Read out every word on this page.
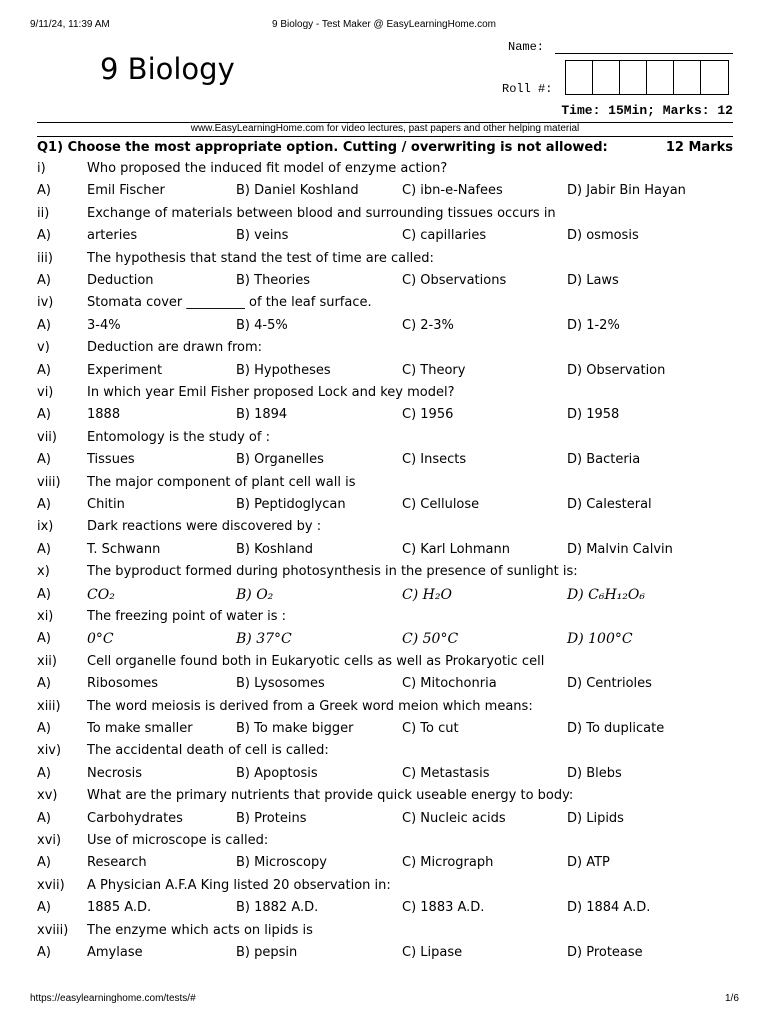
9/11/24, 11:39 AM	9 Biology - Test Maker @ EasyLearningHome.com
9 Biology
Name:
Roll #:
Time: 15Min; Marks: 12
www.EasyLearningHome.com for video lectures, past papers and other helping material
Q1) Choose the most appropriate option. Cutting / overwriting is not allowed:	12 Marks
i)	Who proposed the induced fit model of enzyme action?
A)	Emil Fischer	B) Daniel Koshland	C) ibn-e-Nafees	D) Jabir Bin Hayan
ii)	Exchange of materials between blood and surrounding tissues occurs in
A)	arteries	B) veins	C) capillaries	D) osmosis
iii)	The hypothesis that stand the test of time are called:
A)	Deduction	B) Theories	C) Observations	D) Laws
iv)	Stomata cover _________ of the leaf surface.
A)	3-4%	B) 4-5%	C) 2-3%	D) 1-2%
v)	Deduction are drawn from:
A)	Experiment	B) Hypotheses	C) Theory	D) Observation
vi)	In which year Emil Fisher proposed Lock and key model?
A)	1888	B) 1894	C) 1956	D) 1958
vii) Entomology is the study of :
A)	Tissues	B) Organelles	C) Insects	D) Bacteria
viii) The major component of plant cell wall is
A)	Chitin	B) Peptidoglycan	C) Cellulose	D) Calesteral
ix)	Dark reactions were discovered by :
A)	T. Schwann	B) Koshland	C) Karl Lohmann	D) Malvin Calvin
x)	The byproduct formed during photosynthesis in the presence of sunlight is:
A)	CO₂	B) O₂	C) H₂O	D) C₆H₁₂O₆
xi)	The freezing point of water is :
A)	0°C	B) 37°C	C) 50°C	D) 100°C
xii) Cell organelle found both in Eukaryotic cells as well as Prokaryotic cell
A)	Ribosomes	B) Lysosomes	C) Mitochonria	D) Centrioles
xiii) The word meiosis is derived from a Greek word meion which means:
A)	To make smaller	B) To make bigger	C) To cut	D) To duplicate
xiv) The accidental death of cell is called:
A)	Necrosis	B) Apoptosis	C) Metastasis	D) Blebs
xv) What are the primary nutrients that provide quick useable energy to body:
A)	Carbohydrates	B) Proteins	C) Nucleic acids	D) Lipids
xvi) Use of microscope is called:
A)	Research	B) Microscopy	C) Micrograph	D) ATP
xvii) A Physician A.F.A King listed 20 observation in:
A)	1885 A.D.	B) 1882 A.D.	C) 1883 A.D.	D) 1884 A.D.
xviii) The enzyme which acts on lipids is
A)	Amylase	B) pepsin	C) Lipase	D) Protease
https://easylearninghome.com/tests/#	1/6
